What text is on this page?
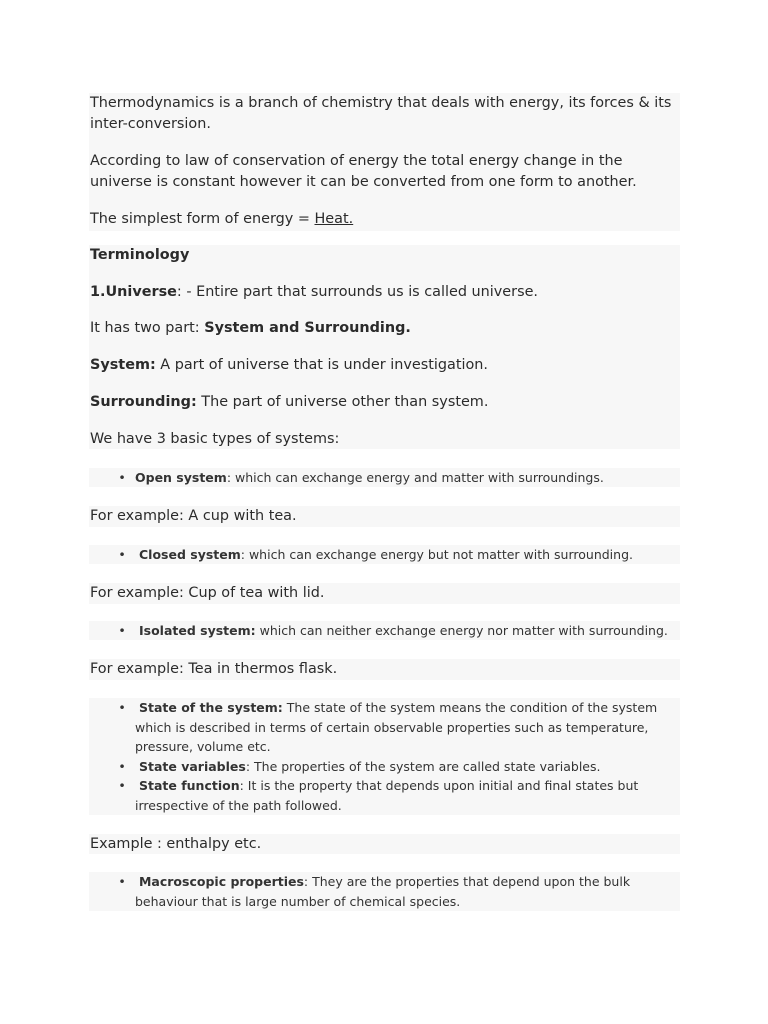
Thermodynamics is a branch of chemistry that deals with energy, its forces & its inter-conversion.

According to law of conservation of energy the total energy change in the universe is constant however it can be converted from one form to another.

The simplest form of energy = Heat.

Terminology

1.Universe: - Entire part that surrounds us is called universe.

It has two part: System and Surrounding.

System: A part of universe that is under investigation.

Surrounding: The part of universe other than system.

We have 3 basic types of systems:

• Open system: which can exchange energy and matter with surroundings.

For example: A cup with tea.

•	Closed system: which can exchange energy but not matter with surrounding.

For example: Cup of tea with lid.

•	Isolated system: which can neither exchange energy nor matter with surrounding.

For example: Tea in thermos flask.

•	State of the system: The state of the system means the condition of the system which is described in terms of certain observable properties such as temperature, pressure, volume etc.
•	State variables: The properties of the system are called state variables.
•	State function: It is the property that depends upon initial and final states but irrespective of the path followed.

Example : enthalpy etc.

•	Macroscopic properties: They are the properties that depend upon the bulk behaviour that is large number of chemical species.
